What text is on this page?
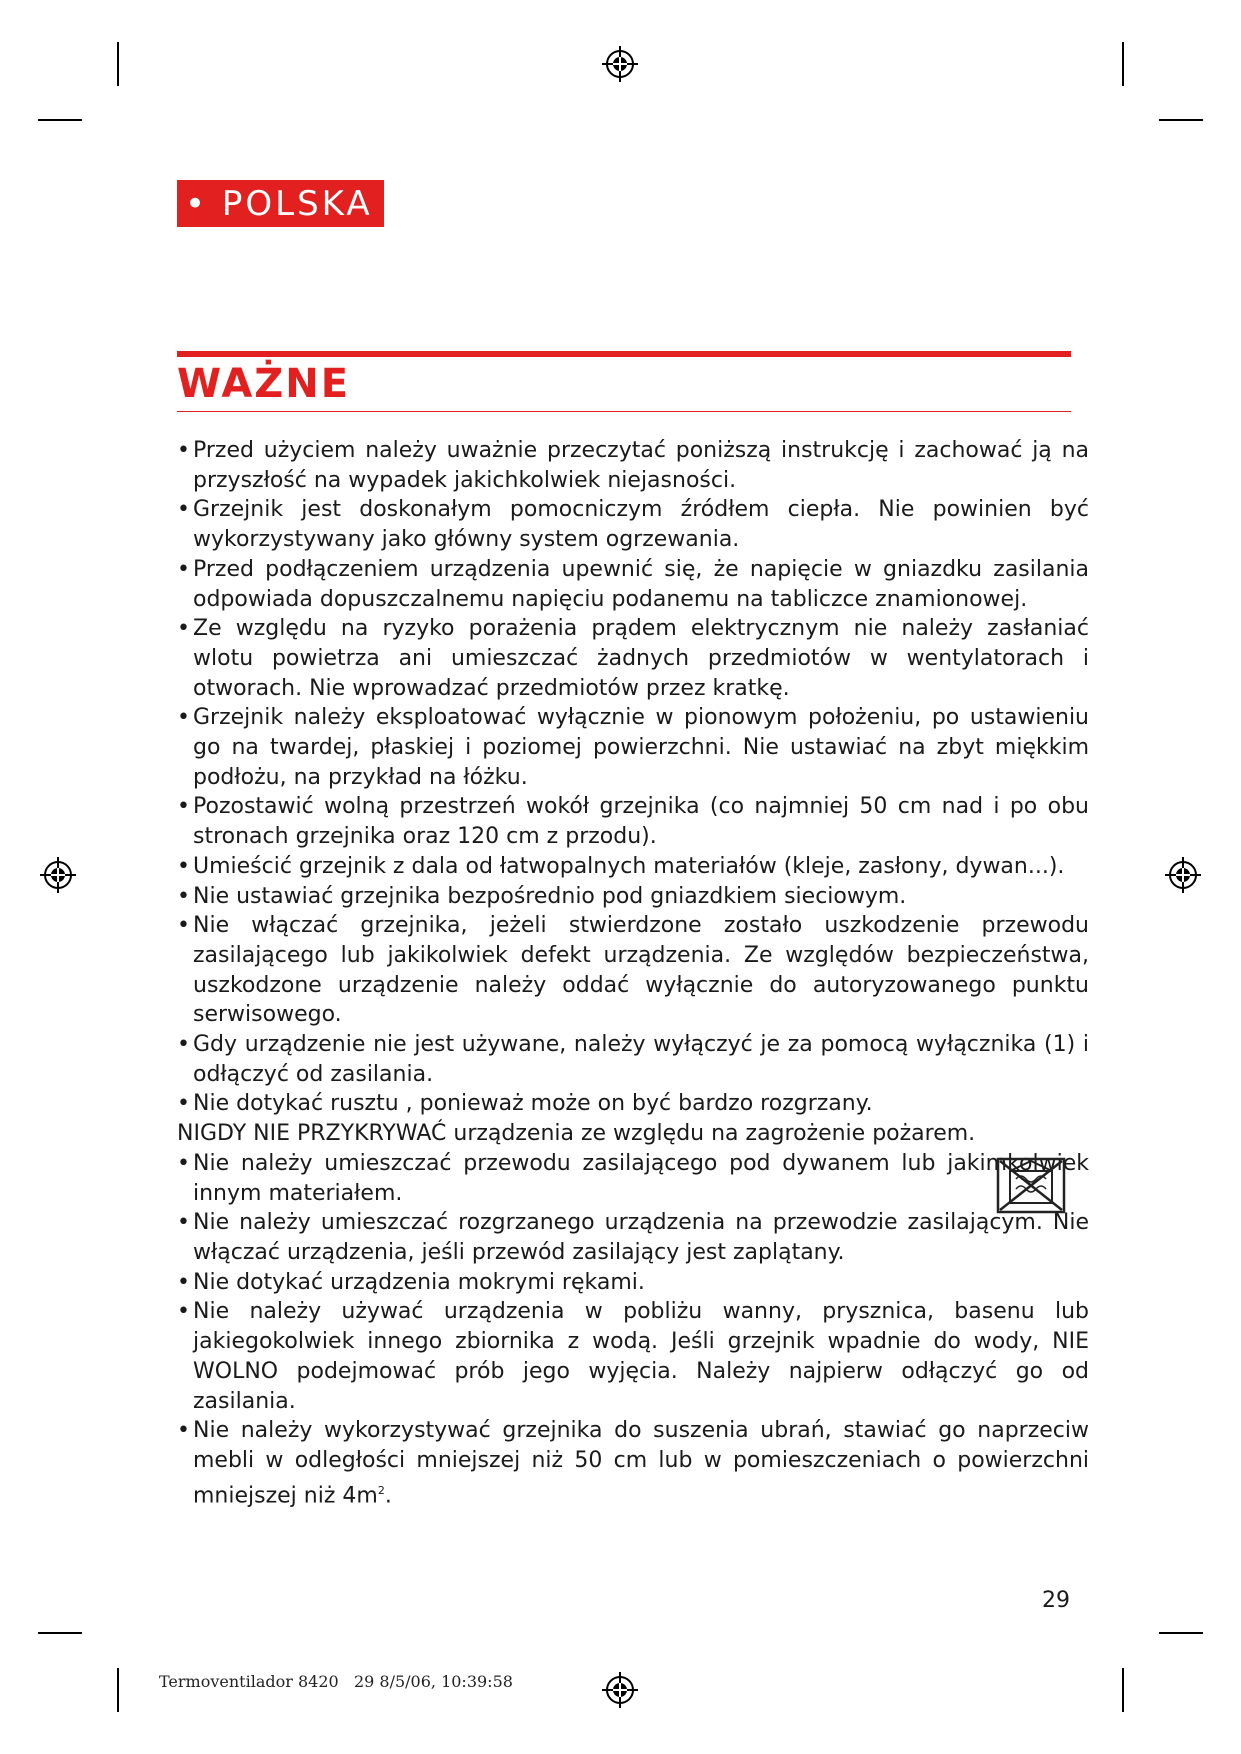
• POLSKA
WAŻNE
• Przed użyciem należy uważnie przeczytać poniższą instrukcję i zachować ją na przyszłość na wypadek jakichkolwiek niejasności.
• Grzejnik jest doskonałym pomocniczym źródłem ciepła. Nie powinien być wykorzystywany jako główny system ogrzewania.
• Przed podłączeniem urządzenia upewnić się, że napięcie w gniazdku zasilania odpowiada dopuszczalnemu napięciu podanemu na tabliczce znamionowej.
• Ze względu na ryzyko porażenia prądem elektrycznym nie należy zasłaniać wlotu powietrza ani umieszczać żadnych przedmiotów w wentylatorach i otworach. Nie wprowadzać przedmiotów przez kratkę.
• Grzejnik należy eksploatować wyłącznie w pionowym położeniu, po ustawieniu go na twardej, płaskiej i poziomej powierzchni. Nie ustawiać na zbyt miękkim podłożu, na przykład na łóżku.
• Pozostawić wolną przestrzeń wokół grzejnika (co najmniej 50 cm nad i po obu stronach grzejnika oraz 120 cm z przodu).
• Umieścić grzejnik z dala od łatwopalnych materiałów (kleje, zasłony, dywan...).
• Nie ustawiać grzejnika bezpośrednio pod gniazdkiem sieciowym.
• Nie włączać grzejnika, jeżeli stwierdzone zostało uszkodzenie przewodu zasilającego lub jakikolwiek defekt urządzenia. Ze względów bezpieczeństwa, uszkodzone urządzenie należy oddać wyłącznie do autoryzowanego punktu serwisowego.
• Gdy urządzenie nie jest używane, należy wyłączyć je za pomocą wyłącznika (1) i odłączyć od zasilania.
• Nie dotykać rusztu , ponieważ może on być bardzo rozgrzany.
NIGDY NIE PRZYKRYWAĆ urządzenia ze względu na zagrożenie pożarem.
• Nie należy umieszczać przewodu zasilającego pod dywanem lub jakimkolwiek innym materiałem.
• Nie należy umieszczać rozgrzanego urządzenia na przewodzie zasilającym. Nie włączać urządzenia, jeśli przewód zasilający jest zaplątany.
• Nie dotykać urządzenia mokrymi rękami.
• Nie należy używać urządzenia w pobliżu wanny, prysznica, basenu lub jakiegokolwiek innego zbiornika z wodą. Jeśli grzejnik wpadnie do wody, NIE WOLNO podejmować prób jego wyjęcia. Należy najpierw odłączyć go od zasilania.
• Nie należy wykorzystywać grzejnika do suszenia ubrań, stawiać go naprzeciw mebli w odległości mniejszej niż 50 cm lub w pomieszczeniach o powierzchni mniejszej niż $4m^2$.
29
Termoventilador 8420   29 8/5/06, 10:39:58
